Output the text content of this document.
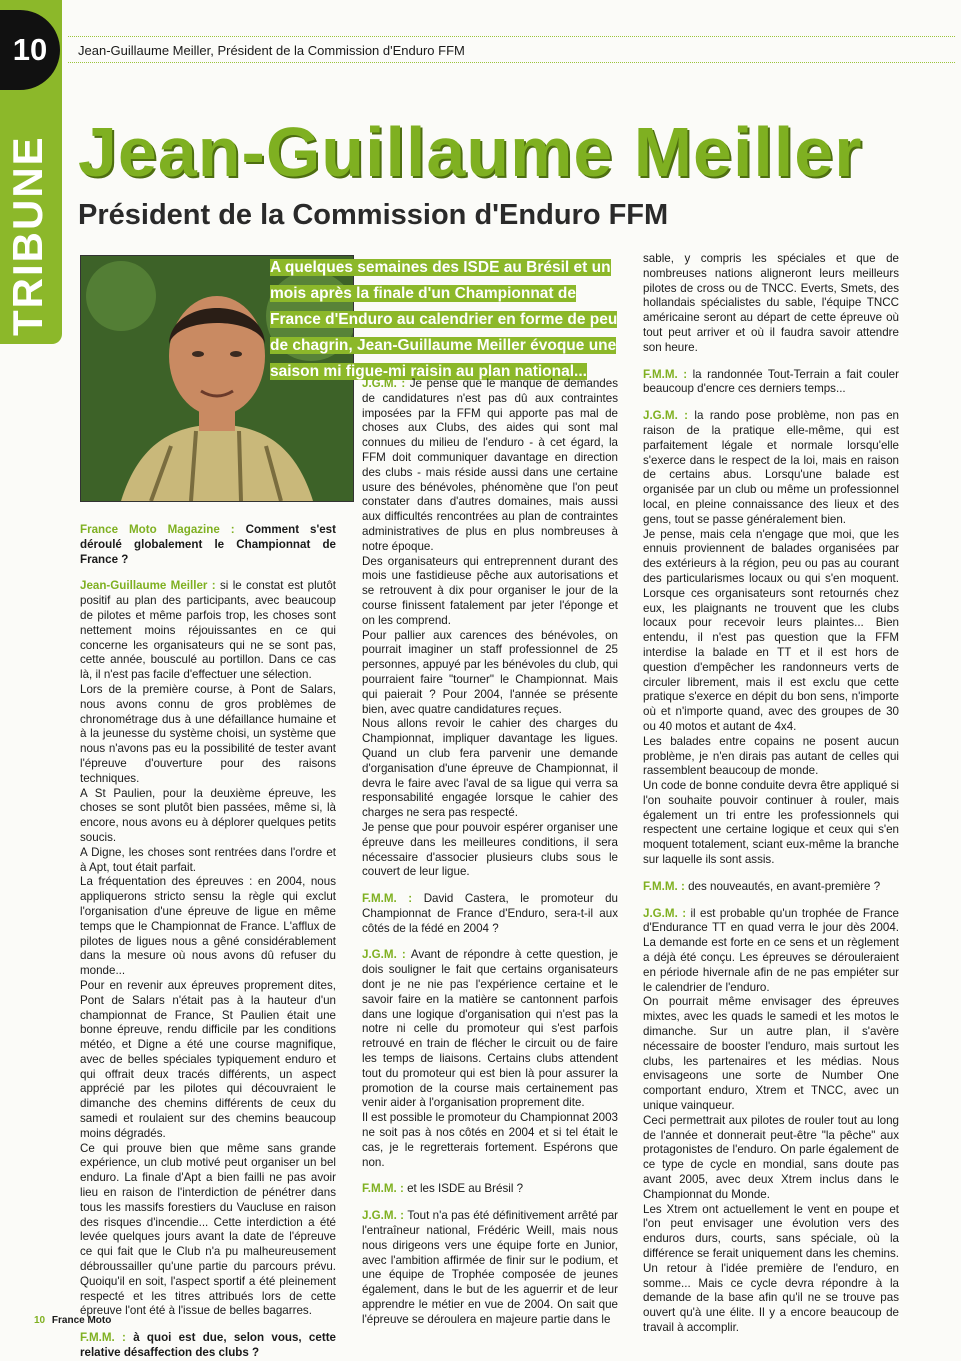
10
TRIBUNE
Jean-Guillaume Meiller, Président de la Commission d'Enduro FFM
Jean-Guillaume Meiller
Président de la Commission d'Enduro FFM
A quelques semaines des ISDE au Brésil et un mois après la finale d'un Championnat de France d'Enduro au calendrier en forme de peu de chagrin, Jean-Guillaume Meiller évoque une saison mi figue-mi raisin au plan national...

France Moto Magazine : Comment s'est déroulé globalement le Championnat de France ?

Jean-Guillaume Meiller : si le constat est plutôt positif au plan des participants, avec beaucoup de pilotes et même parfois trop, les choses sont nettement moins réjouissantes en ce qui concerne les organisateurs qui ne se sont pas, cette année, bousculé au portillon. Dans ce cas là, il n'est pas facile d'effectuer une sélection.

Lors de la première course, à Pont de Salars, nous avons connu de gros problèmes de chronométrage dus à une défaillance humaine et à la jeunesse du système choisi, un système que nous n'avons pas eu la possibilité de tester avant l'épreuve d'ouverture pour des raisons techniques.

A St Paulien, pour la deuxième épreuve, les choses se sont plutôt bien passées, même si, là encore, nous avons eu à déplorer quelques petits soucis.

A Digne, les choses sont rentrées dans l'ordre et à Apt, tout était parfait.

La fréquentation des épreuves : en 2004, nous appliquerons stricto sensu la règle qui exclut l'organisation d'une épreuve de ligue en même temps que le Championnat de France. L'afflux de pilotes de ligues nous a gêné considérablement dans la mesure où nous avons dû refuser du monde...

Pour en revenir aux épreuves proprement dites, Pont de Salars n'était pas à la hauteur d'un championnat de France, St Paulien était une bonne épreuve, rendu difficile par les conditions météo, et Digne a été une course magnifique, avec de belles spéciales typiquement enduro et qui offrait deux tracés différents, un aspect apprécié par les pilotes qui découvraient le dimanche des chemins différents de ceux du samedi et roulaient sur des chemins beaucoup moins dégradés.

Ce qui prouve bien que même sans grande expérience, un club motivé peut organiser un bel enduro. La finale d'Apt a bien failli ne pas avoir lieu en raison de l'interdiction de pénétrer dans tous les massifs forestiers du Vaucluse en raison des risques d'incendie... Cette interdiction a été levée quelques jours avant la date de l'épreuve ce qui fait que le Club n'a pu malheureusement débroussailler qu'une partie du parcours prévu. Quoiqu'il en soit, l'aspect sportif a été pleinement respecté et les titres attribués lors de cette épreuve l'ont été à l'issue de belles bagarres.

F.M.M. : à quoi est due, selon vous, cette relative désaffection des clubs ?

J.G.M. : Je pense que le manque de demandes de candidatures n'est pas dû aux contraintes imposées par la FFM qui apporte pas mal de choses aux Clubs, des aides qui sont mal connues du milieu de l'enduro - à cet égard, la FFM doit communiquer davantage en direction des clubs - mais réside aussi dans une certaine usure des bénévoles, phénomène que l'on peut constater dans d'autres domaines, mais aussi aux difficultés rencontrées au plan de contraintes administratives de plus en plus nombreuses à notre époque.

Des organisateurs qui entreprennent durant des mois une fastidieuse pêche aux autorisations et se retrouvent à dix pour organiser le jour de la course finissent fatalement par jeter l'éponge et on les comprend.

Pour pallier aux carences des bénévoles, on pourrait imaginer un staff professionnel de 25 personnes, appuyé par les bénévoles du club, qui pourraient faire "tourner" le Championnat. Mais qui paierait ? Pour 2004, l'année se présente bien, avec quatre candidatures reçues.

Nous allons revoir le cahier des charges du Championnat, impliquer davantage les ligues. Quand un club fera parvenir une demande d'organisation d'une épreuve de Championnat, il devra le faire avec l'aval de sa ligue qui verra sa responsabilité engagée lorsque le cahier des charges ne sera pas respecté.

Je pense que pour pouvoir espérer organiser une épreuve dans les meilleures conditions, il sera nécessaire d'associer plusieurs clubs sous le couvert de leur ligue.

F.M.M. : David Castera, le promoteur du Championnat de France d'Enduro, sera-t-il aux côtés de la fédé en 2004 ?

J.G.M. : Avant de répondre à cette question, je dois souligner le fait que certains organisateurs dont je ne nie pas l'expérience certaine et le savoir faire en la matière se cantonnent parfois dans une logique d'organisation qui n'est pas la notre ni celle du promoteur qui s'est parfois retrouvé en train de flécher le circuit ou de faire les temps de liaisons. Certains clubs attendent tout du promoteur qui est bien là pour assurer la promotion de la course mais certainement pas venir aider à l'organisation proprement dite.

Il est possible le promoteur du Championnat 2003 ne soit pas à nos côtés en 2004 et si tel était le cas, je le regretterais fortement. Espérons que non.

F.M.M. : et les ISDE au Brésil ?

J.G.M. : Tout n'a pas été définitivement arrêté par l'entraîneur national, Frédéric Weill, mais nous nous dirigeons vers une équipe forte en Junior, avec l'ambition affirmée de finir sur le podium, et une équipe de Trophée composée de jeunes également, dans le but de les aguerrir et de leur apprendre le métier en vue de 2004. On sait que l'épreuve se déroulera en majeure partie dans le

sable, y compris les spéciales et que de nombreuses nations aligneront leurs meilleurs pilotes de cross ou de TNCC. Everts, Smets, des hollandais spécialistes du sable, l'équipe TNCC américaine seront au départ de cette épreuve où tout peut arriver et où il faudra savoir attendre son heure.

F.M.M. : la randonnée Tout-Terrain a fait couler beaucoup d'encre ces derniers temps...

J.G.M. : la rando pose problème, non pas en raison de la pratique elle-même, qui est parfaitement légale et normale lorsqu'elle s'exerce dans le respect de la loi, mais en raison de certains abus. Lorsqu'une balade est organisée par un club ou même un professionnel local, en pleine connaissance des lieux et des gens, tout se passe généralement bien.

Je pense, mais cela n'engage que moi, que les ennuis proviennent de balades organisées par des extérieurs à la région, peu ou pas au courant des particularismes locaux ou qui s'en moquent. Lorsque ces organisateurs sont retournés chez eux, les plaignants ne trouvent que les clubs locaux pour recevoir leurs plaintes... Bien entendu, il n'est pas question que la FFM interdise la balade en TT et il est hors de question d'empêcher les randonneurs verts de circuler librement, mais il est exclu que cette pratique s'exerce en dépit du bon sens, n'importe où et n'importe quand, avec des groupes de 30 ou 40 motos et autant de 4x4.

Les balades entre copains ne posent aucun problème, je n'en dirais pas autant de celles qui rassemblent beaucoup de monde.

Un code de bonne conduite devra être appliqué si l'on souhaite pouvoir continuer à rouler, mais également un tri entre les professionnels qui respectent une certaine logique et ceux qui s'en moquent totalement, sciant eux-même la branche sur laquelle ils sont assis.

F.M.M. : des nouveautés, en avant-première ?

J.G.M. : il est probable qu'un trophée de France d'Endurance TT en quad verra le jour dès 2004. La demande est forte en ce sens et un règlement a déjà été conçu. Les épreuves se dérouleraient en période hivernale afin de ne pas empiéter sur le calendrier de l'enduro.

On pourrait même envisager des épreuves mixtes, avec les quads le samedi et les motos le dimanche. Sur un autre plan, il s'avère nécessaire de booster l'enduro, mais surtout les clubs, les partenaires et les médias. Nous envisageons une sorte de Number One comportant enduro, Xtrem et TNCC, avec un unique vainqueur.

Ceci permettrait aux pilotes de rouler tout au long de l'année et donnerait peut-être "la pêche" aux protagonistes de l'enduro. On parle également de ce type de cycle en mondial, sans doute pas avant 2005, avec deux Xtrem inclus dans le Championnat du Monde.

Les Xtrem ont actuellement le vent en poupe et l'on peut envisager une évolution vers des enduros durs, courts, sans spéciale, où la différence se ferait uniquement dans les chemins. Un retour à l'idée première de l'enduro, en somme... Mais ce cycle devra répondre à la demande de la base afin qu'il ne se trouve pas ouvert qu'à une élite. Il y a encore beaucoup de travail à accomplir.

10 France Moto
